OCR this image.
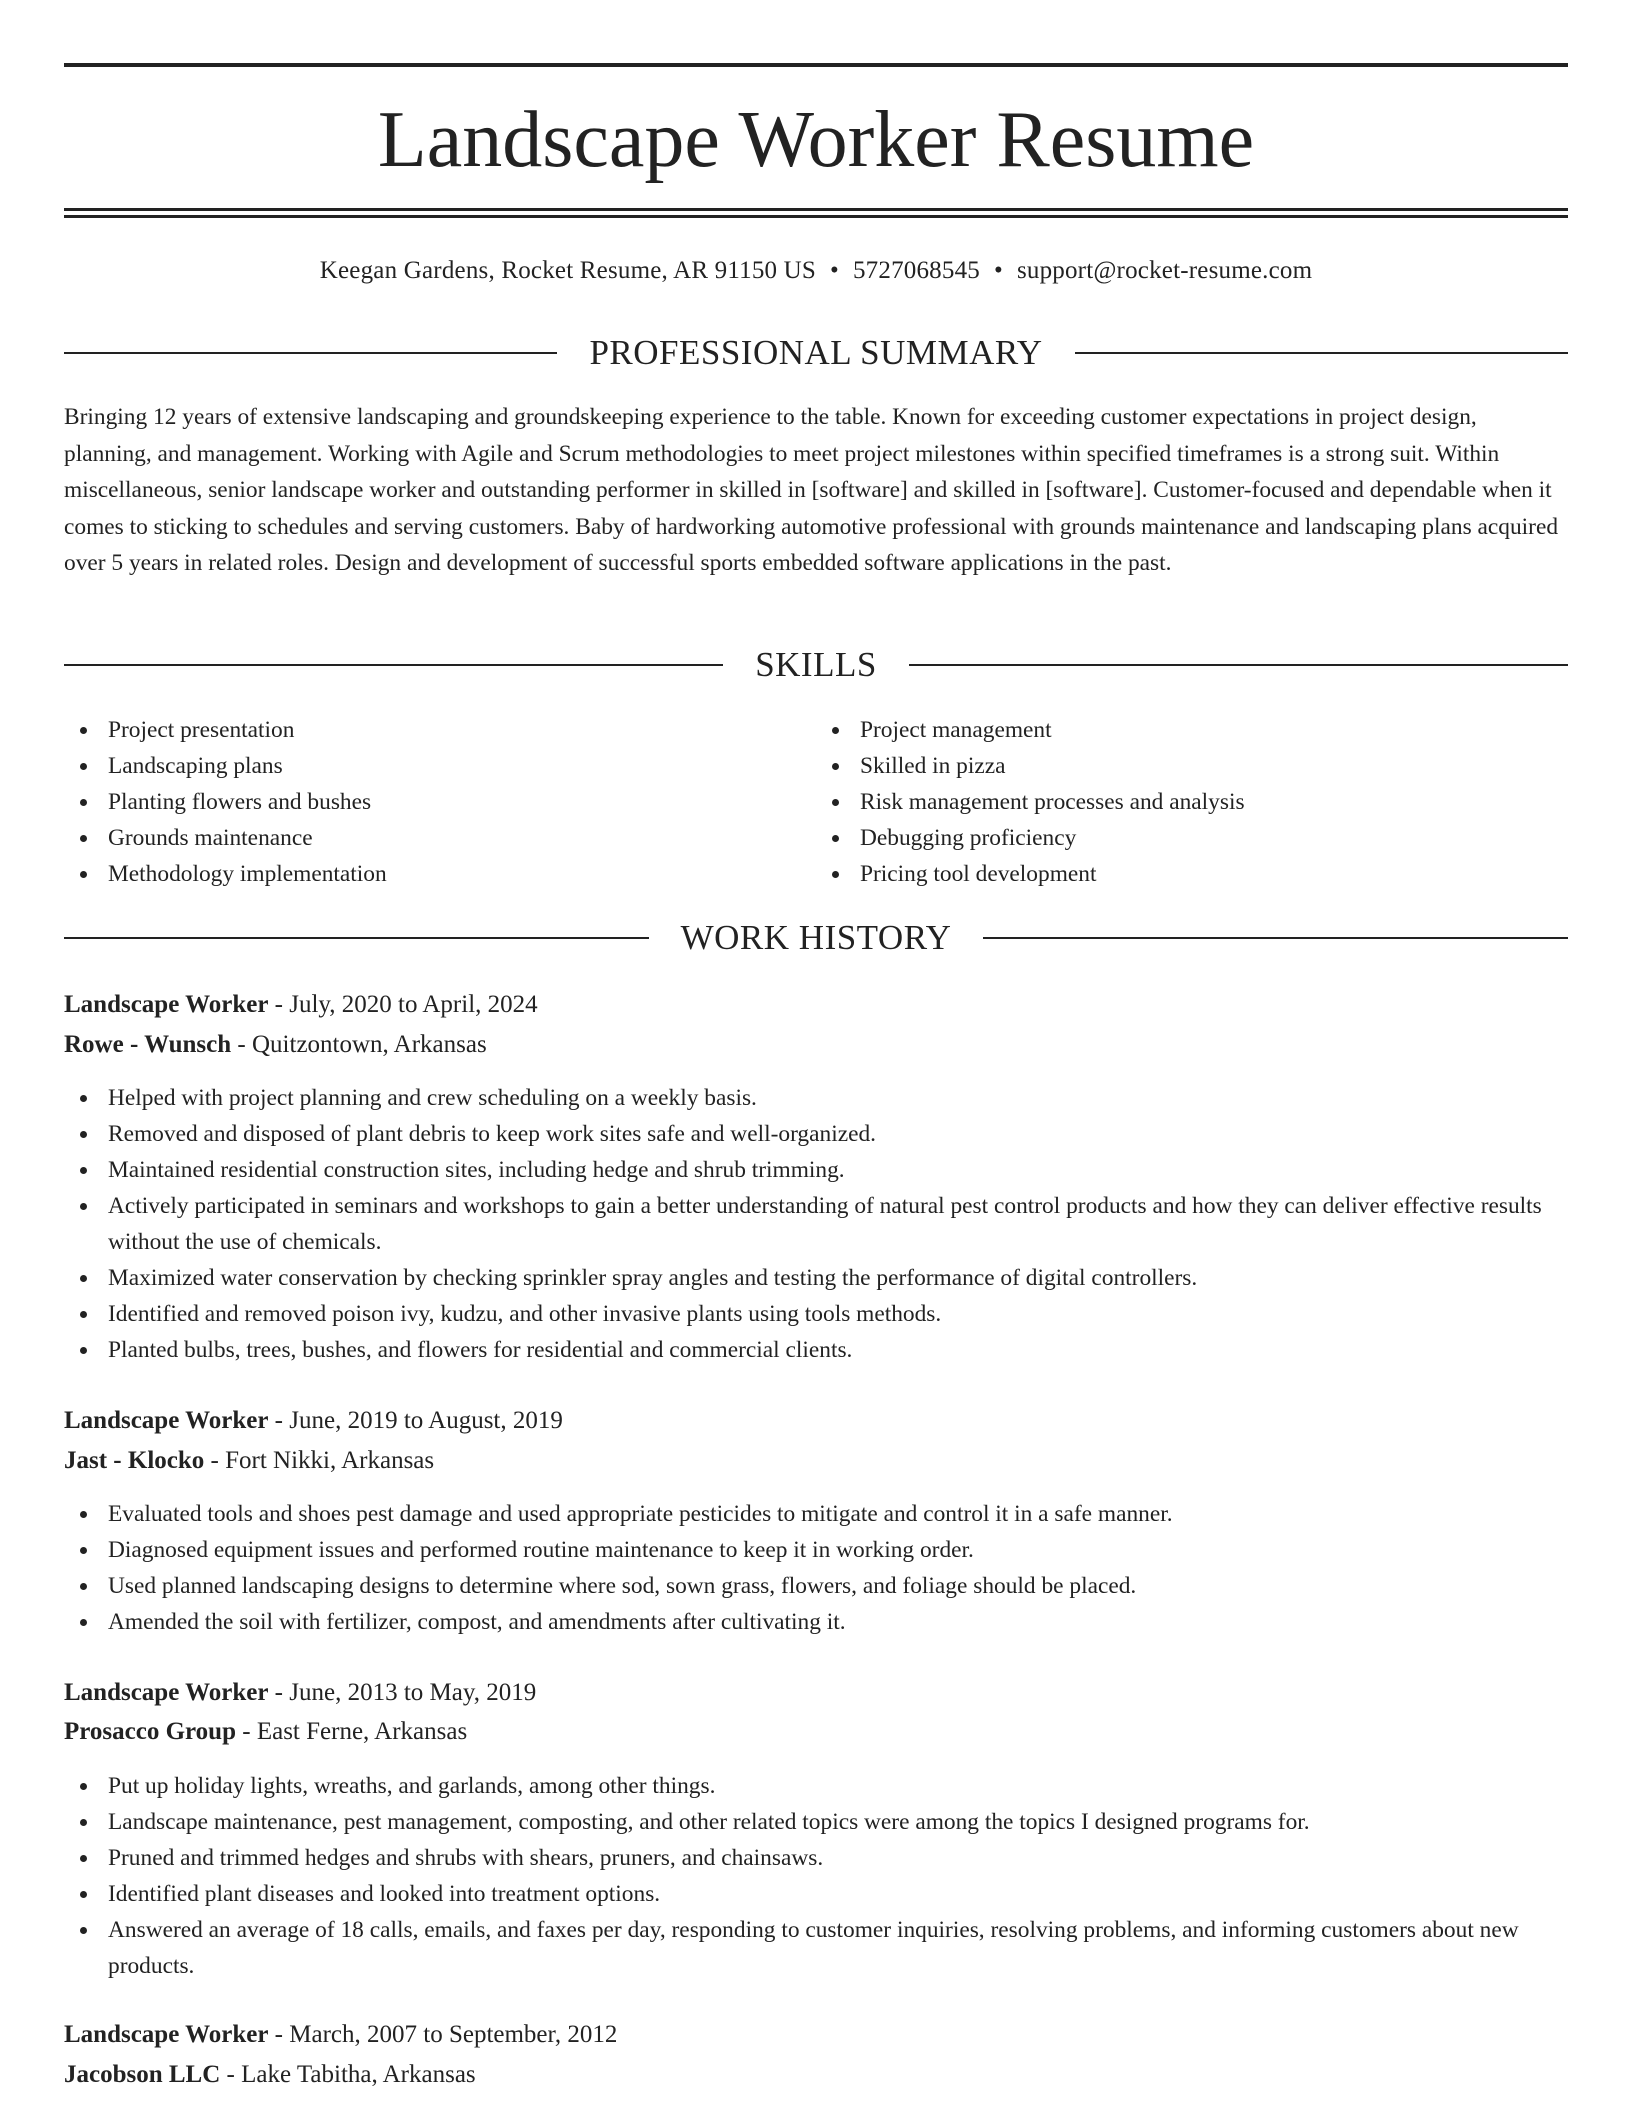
Landscape Worker Resume
Keegan Gardens, Rocket Resume, AR 91150 US • 5727068545 • support@rocket-resume.com
PROFESSIONAL SUMMARY

Bringing 12 years of extensive landscaping and groundskeeping experience to the table. Known for exceeding customer expectations in project design, planning, and management. Working with Agile and Scrum methodologies to meet project milestones within specified timeframes is a strong suit. Within miscellaneous, senior landscape worker and outstanding performer in skilled in [software] and skilled in [software]. Customer-focused and dependable when it comes to sticking to schedules and serving customers. Baby of hardworking automotive professional with grounds maintenance and landscaping plans acquired over 5 years in related roles. Design and development of successful sports embedded software applications in the past.

SKILLS
Project presentation
Landscaping plans
Planting flowers and bushes
Grounds maintenance
Methodology implementation
Project management
Skilled in pizza
Risk management processes and analysis
Debugging proficiency
Pricing tool development
WORK HISTORY
Landscape Worker - July, 2020 to April, 2024
Rowe - Wunsch - Quitzontown, Arkansas
Helped with project planning and crew scheduling on a weekly basis.
Removed and disposed of plant debris to keep work sites safe and well-organized.
Maintained residential construction sites, including hedge and shrub trimming.
Actively participated in seminars and workshops to gain a better understanding of natural pest control products and how they can deliver effective results without the use of chemicals.
Maximized water conservation by checking sprinkler spray angles and testing the performance of digital controllers.
Identified and removed poison ivy, kudzu, and other invasive plants using tools methods.
Planted bulbs, trees, bushes, and flowers for residential and commercial clients.
Landscape Worker - June, 2019 to August, 2019
Jast - Klocko - Fort Nikki, Arkansas
Evaluated tools and shoes pest damage and used appropriate pesticides to mitigate and control it in a safe manner.
Diagnosed equipment issues and performed routine maintenance to keep it in working order.
Used planned landscaping designs to determine where sod, sown grass, flowers, and foliage should be placed.
Amended the soil with fertilizer, compost, and amendments after cultivating it.
Landscape Worker - June, 2013 to May, 2019
Prosacco Group - East Ferne, Arkansas
Put up holiday lights, wreaths, and garlands, among other things.
Landscape maintenance, pest management, composting, and other related topics were among the topics I designed programs for.
Pruned and trimmed hedges and shrubs with shears, pruners, and chainsaws.
Identified plant diseases and looked into treatment options.
Answered an average of 18 calls, emails, and faxes per day, responding to customer inquiries, resolving problems, and informing customers about new products.
Landscape Worker - March, 2007 to September, 2012
Jacobson LLC - Lake Tabitha, Arkansas
